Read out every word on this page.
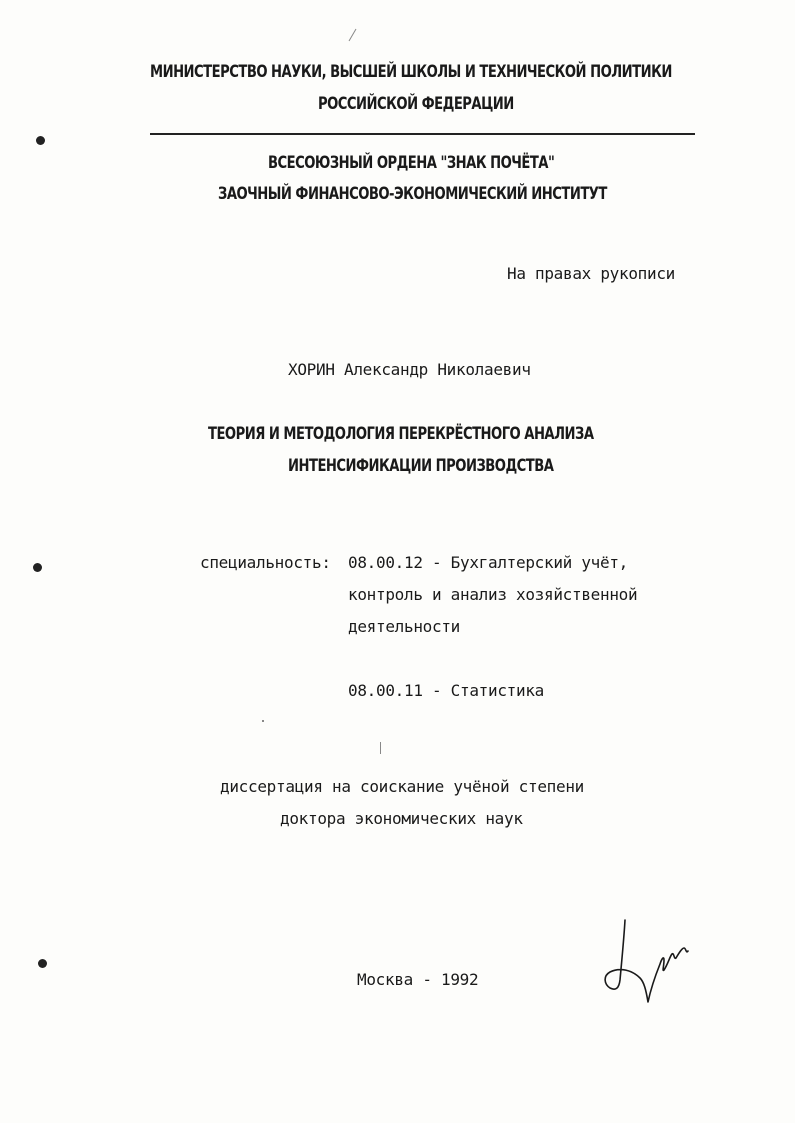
МИНИСТЕРСТВО НАУКИ, ВЫСШЕЙ ШКОЛЫ И ТЕХНИЧЕСКОЙ ПОЛИТИКИ
РОССИЙСКОЙ ФЕДЕРАЦИИ
ВСЕСОЮЗНЫЙ ОРДЕНА "ЗНАК ПОЧЁТА"
ЗАОЧНЫЙ ФИНАНСОВО-ЭКОНОМИЧЕСКИЙ ИНСТИТУТ
На правах рукописи
ХОРИН Александр Николаевич
ТЕОРИЯ И МЕТОДОЛОГИЯ ПЕРЕКРЁСТНОГО АНАЛИЗА
ИНТЕНСИФИКАЦИИ ПРОИЗВОДСТВА
специальность: 08.00.12 - Бухгалтерский учёт,
контроль и анализ хозяйственной
деятельности
08.00.11 - Статистика
диссертация на соискание учёной степени
доктора экономических наук
Москва - 1992
